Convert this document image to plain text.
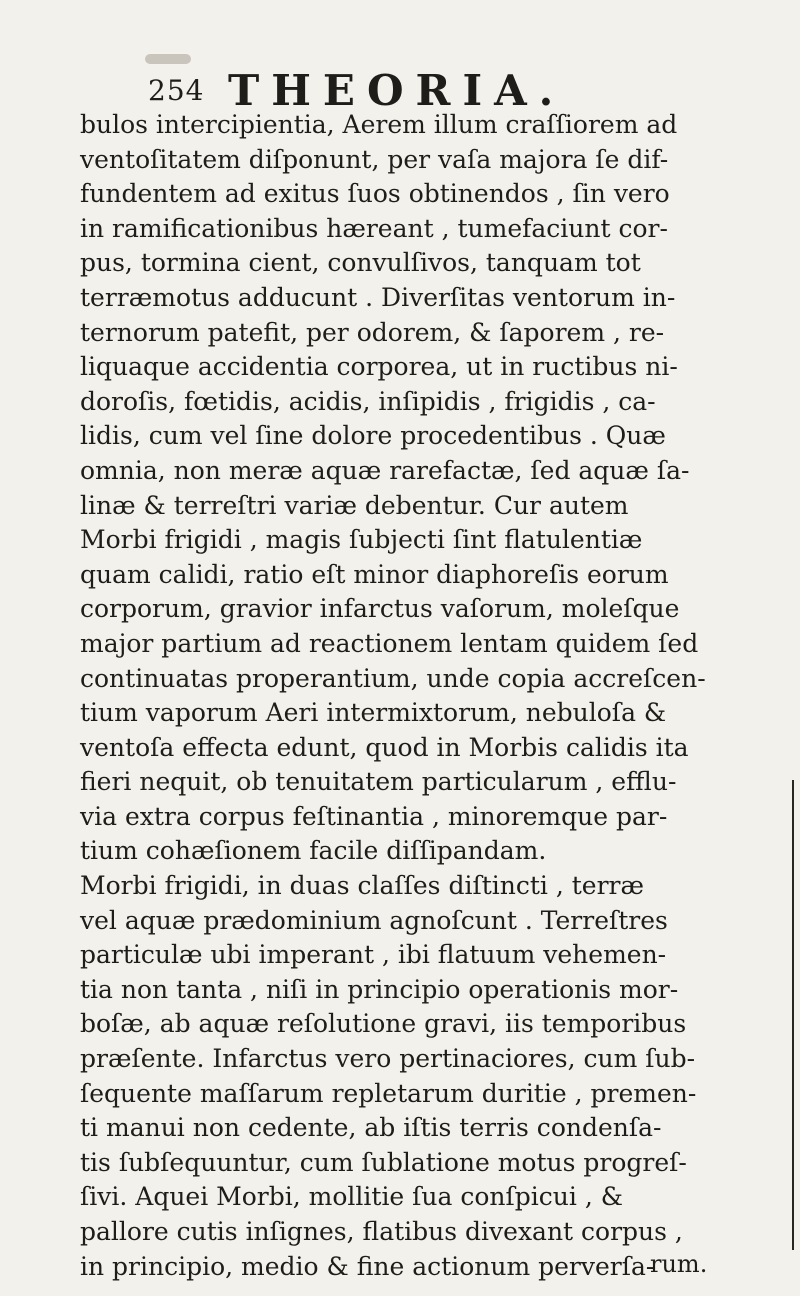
254 THEORIA.
bulos intercipientia, Aerem illum craſſiorem ad
ventoſitatem diſponunt, per vaſa majora ſe dif-
fundentem ad exitus ſuos obtinendos , ſin vero
in ramificationibus hæreant , tumefaciunt cor-
pus, tormina cient, convulſivos, tanquam tot
terræmotus adducunt . Diverſitas ventorum in-
ternorum patefit, per odorem, & ſaporem , re-
liquaque accidentia corporea, ut in ructibus ni-
doroſis, fœtidis, acidis, inſipidis , frigidis , ca-
lidis, cum vel ſine dolore procedentibus . Quæ
omnia, non meræ aquæ rarefactæ, ſed aquæ ſa-
linæ & terreſtri variæ debentur. Cur autem
Morbi frigidi , magis ſubjecti ſint flatulentiæ
quam calidi, ratio eſt minor diaphoreſis eorum
corporum, gravior infarctus vaſorum, moleſque
major partium ad reactionem lentam quidem ſed
continuatas properantium, unde copia accreſcen-
tium vaporum Aeri intermixtorum, nebuloſa &
ventoſa effecta edunt, quod in Morbis calidis ita
fieri nequit, ob tenuitatem particularum , efflu-
via extra corpus feſtinantia , minoremque par-
tium cohæſionem facile diſſipandam.
Morbi frigidi, in duas claſſes diſtincti , terræ
vel aquæ prædominium agnoſcunt . Terreſtres
particulæ ubi imperant , ibi flatuum vehemen-
tia non tanta , niſi in principio operationis mor-
boſæ, ab aquæ reſolutione gravi, iis temporibus
præſente. Infarctus vero pertinaciores, cum ſub-
ſequente maſſarum repletarum duritie , premen-
ti manui non cedente, ab iſtis terris condenſa-
tis ſubſequuntur, cum ſublatione motus progreſ-
ſivi. Aquei Morbi, mollitie ſua conſpicui , &
pallore cutis inſignes, flatibus divexant corpus ,
in principio, medio & fine actionum perverſa-
rum.
